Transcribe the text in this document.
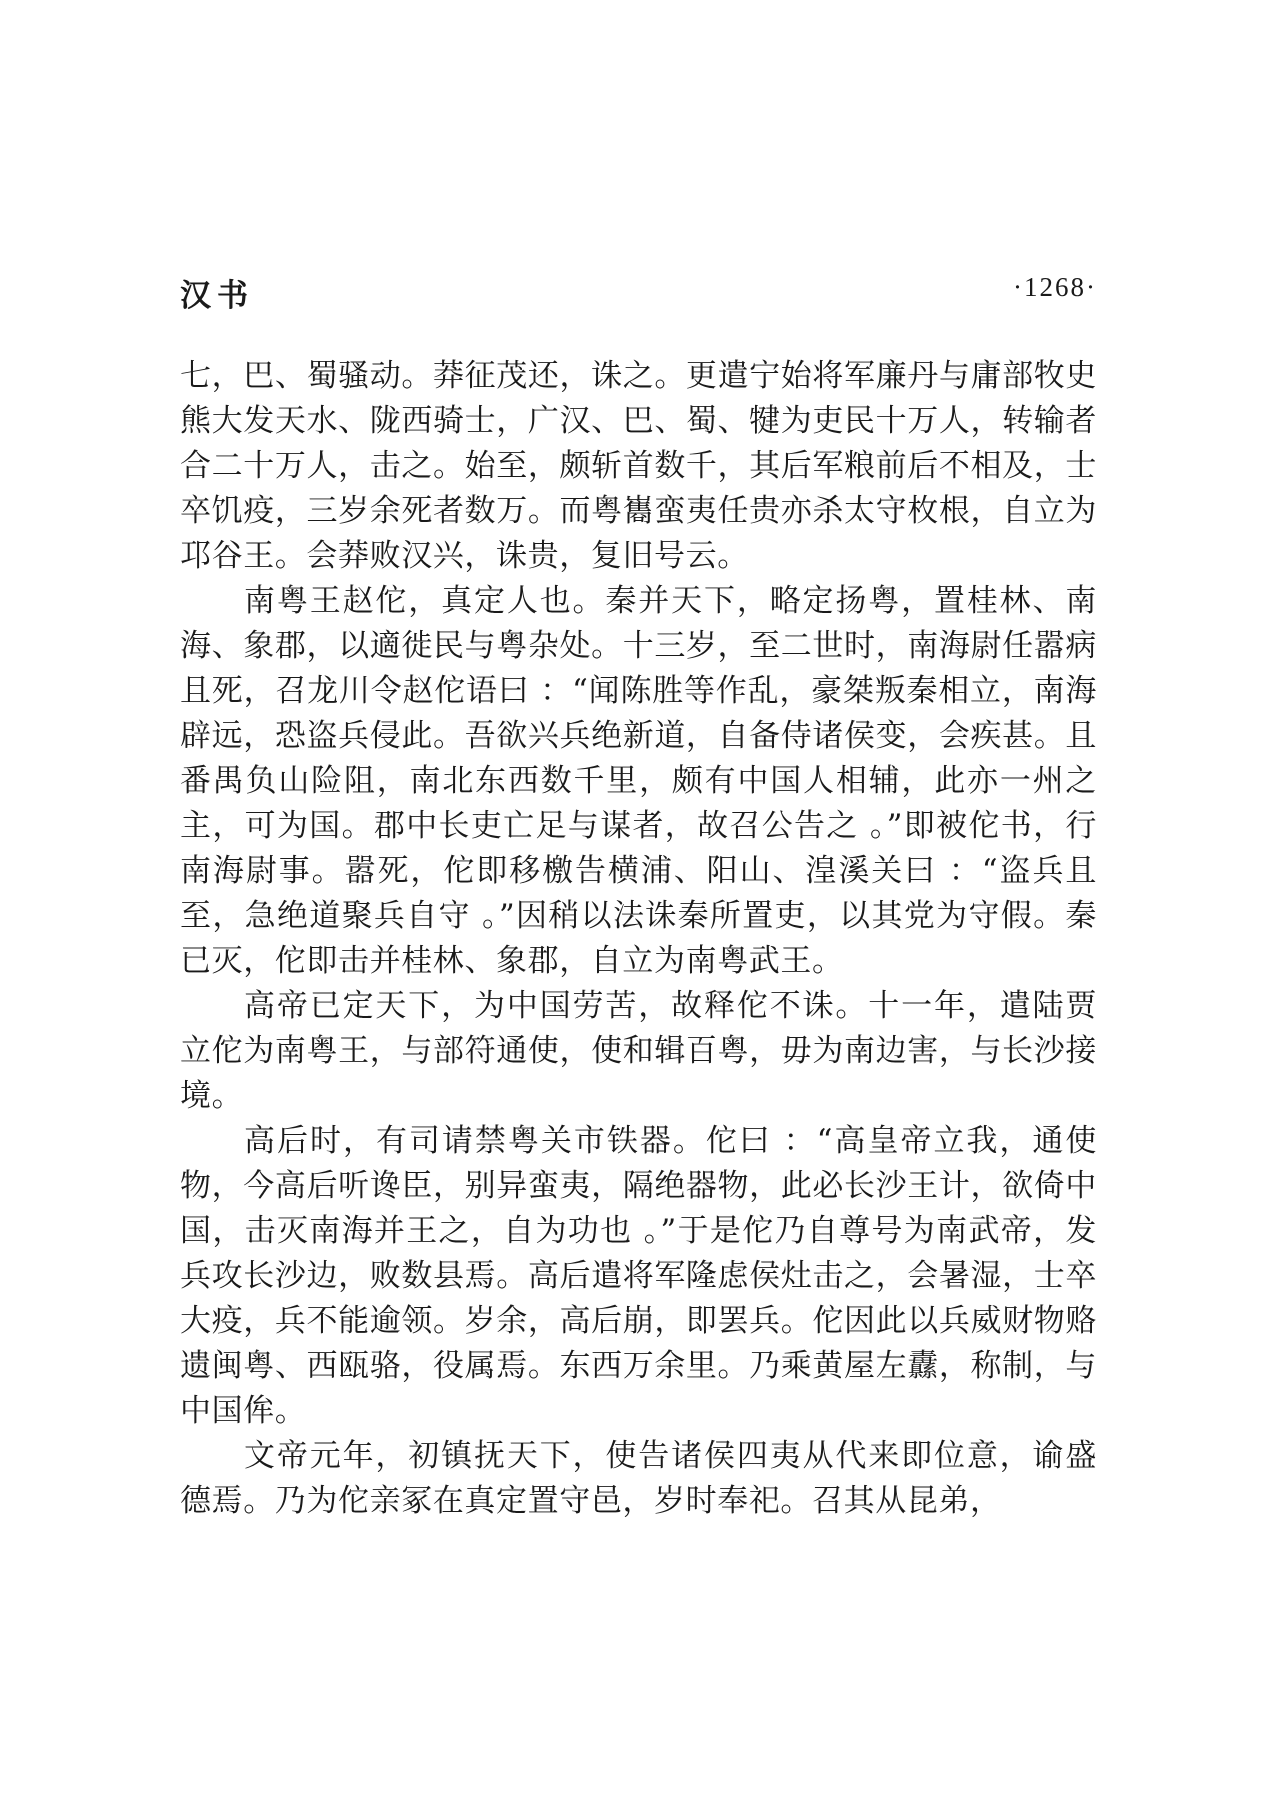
汉书	·1268·

七，巴、蜀骚动。莽征茂还，诛之。更遣宁始将军廉丹与庸部牧史熊大发天水、陇西骑士，广汉、巴、蜀、犍为吏民十万人，转输者合二十万人，击之。始至，颇斩首数千，其后军粮前后不相及，士卒饥疫，三岁余死者数万。而粤巂蛮夷任贵亦杀太守枚根，自立为邛谷王。会莽败汉兴，诛贵，复旧号云。

南粤王赵佗，真定人也。秦并天下，略定扬粤，置桂林、南海、象郡，以適徙民与粤杂处。十三岁，至二世时，南海尉任嚣病且死，召龙川令赵佗语曰 ：“闻陈胜等作乱，豪桀叛秦相立，南海辟远，恐盗兵侵此。吾欲兴兵绝新道，自备侍诸侯变，会疾甚。且番禺负山险阻，南北东西数千里，颇有中国人相辅，此亦一州之主，可为国。郡中长吏亡足与谋者，故召公告之 。”即被佗书，行南海尉事。嚣死，佗即移檄告横浦、阳山、湟溪关曰 ：“盗兵且至，急绝道聚兵自守 。”因稍以法诛秦所置吏，以其党为守假。秦已灭，佗即击并桂林、象郡，自立为南粤武王。

高帝已定天下，为中国劳苦，故释佗不诛。十一年，遣陆贾立佗为南粤王，与部符通使，使和辑百粤，毋为南边害，与长沙接境。

高后时，有司请禁粤关市铁器。佗曰 ：“高皇帝立我，通使物，今高后听谗臣，别异蛮夷，隔绝器物，此必长沙王计，欲倚中国，击灭南海并王之，自为功也 。”于是佗乃自尊号为南武帝，发兵攻长沙边，败数县焉。高后遣将军隆虑侯灶击之，会暑湿，士卒大疫，兵不能逾领。岁余，高后崩，即罢兵。佗因此以兵威财物赂遗闽粤、西瓯骆，役属焉。东西万余里。乃乘黄屋左纛，称制，与中国侔。

文帝元年，初镇抚天下，使告诸侯四夷从代来即位意，谕盛德焉。乃为佗亲冢在真定置守邑，岁时奉祀。召其从昆弟，
